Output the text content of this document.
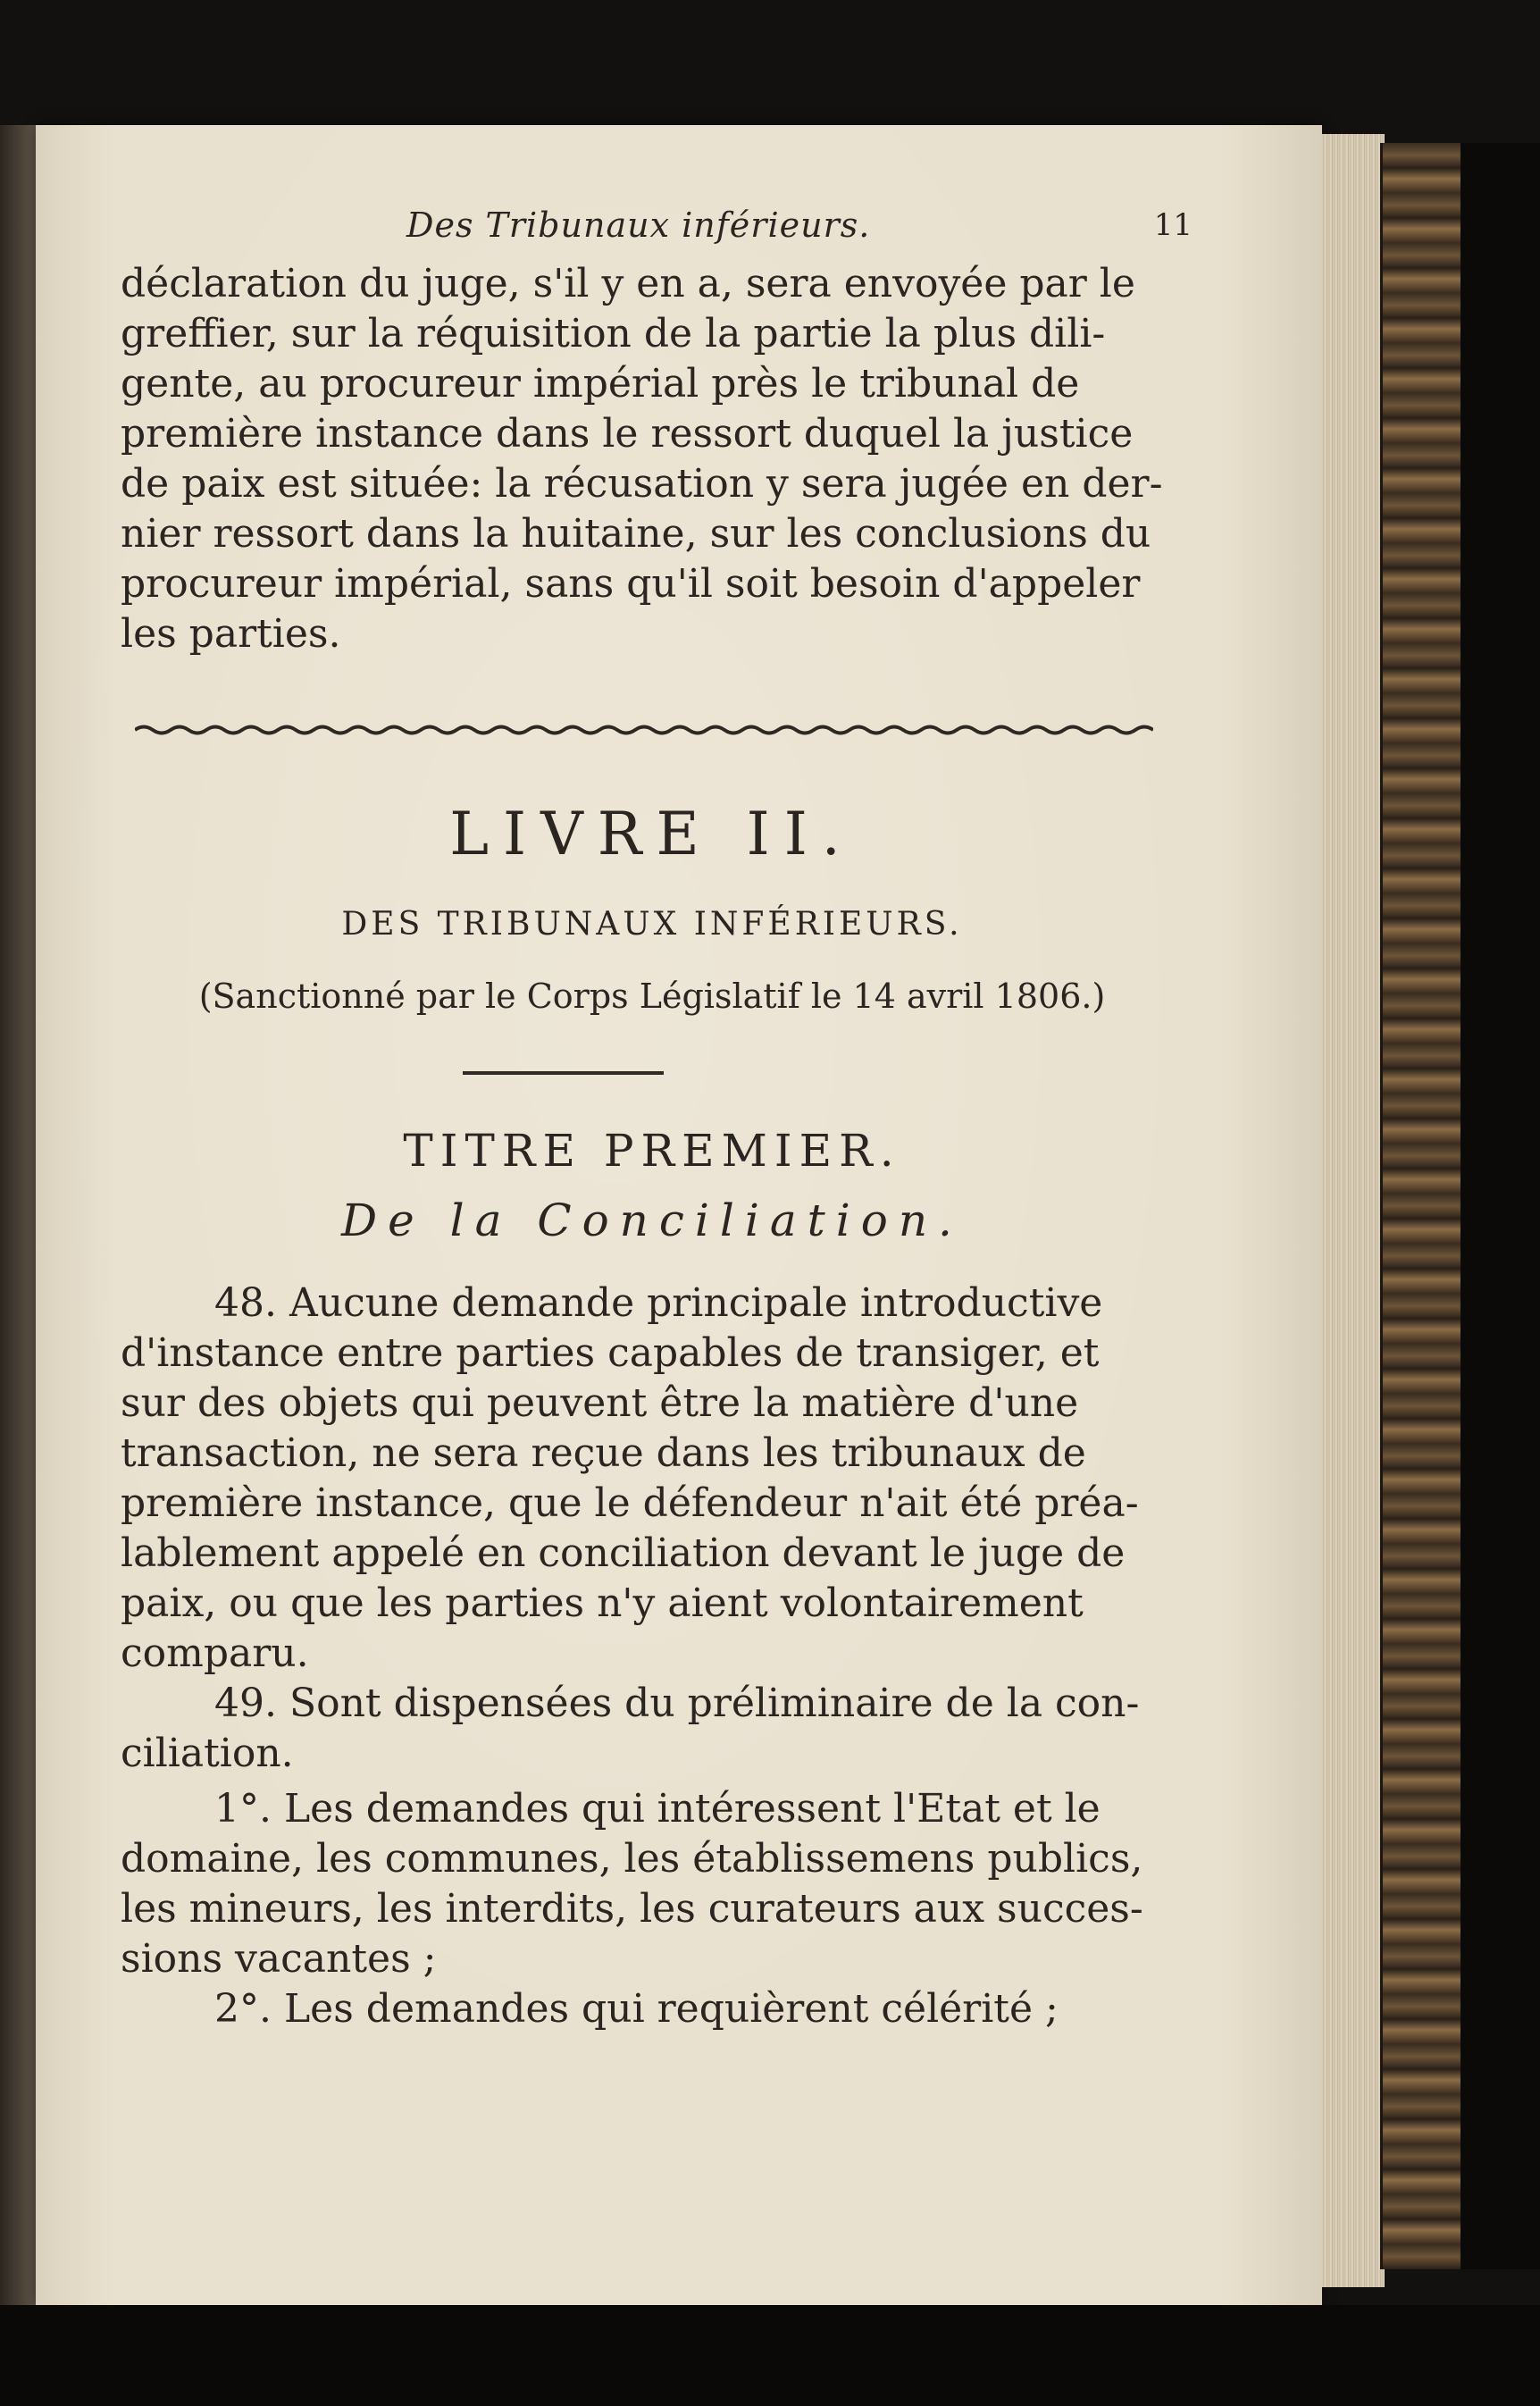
Des Tribunaux inférieurs.	11

déclaration du juge, s'il y en a, sera envoyée par le
greffier, sur la réquisition de la partie la plus dili-
gente, au procureur impérial près le tribunal de
première instance dans le ressort duquel la justice
de paix est située: la récusation y sera jugée en der-
nier ressort dans la huitaine, sur les conclusions du
procureur impérial, sans qu'il soit besoin d'appeler
les parties.

LIVRE II.
DES TRIBUNAUX INFÉRIEURS.
(Sanctionné par le Corps Législatif le 14 avril 1806.)
TITRE PREMIER.
De la Conciliation.

48. Aucune demande principale introductive
d'instance entre parties capables de transiger, et
sur des objets qui peuvent être la matière d'une
transaction, ne sera reçue dans les tribunaux de
première instance, que le défendeur n'ait été préa-
lablement appelé en conciliation devant le juge de
paix, ou que les parties n'y aient volontairement
comparu.

49. Sont dispensées du préliminaire de la con-
ciliation.

1°. Les demandes qui intéressent l'Etat et le
domaine, les communes, les établissemens publics,
les mineurs, les interdits, les curateurs aux succes-
sions vacantes ;

2°. Les demandes qui requièrent célérité ;
